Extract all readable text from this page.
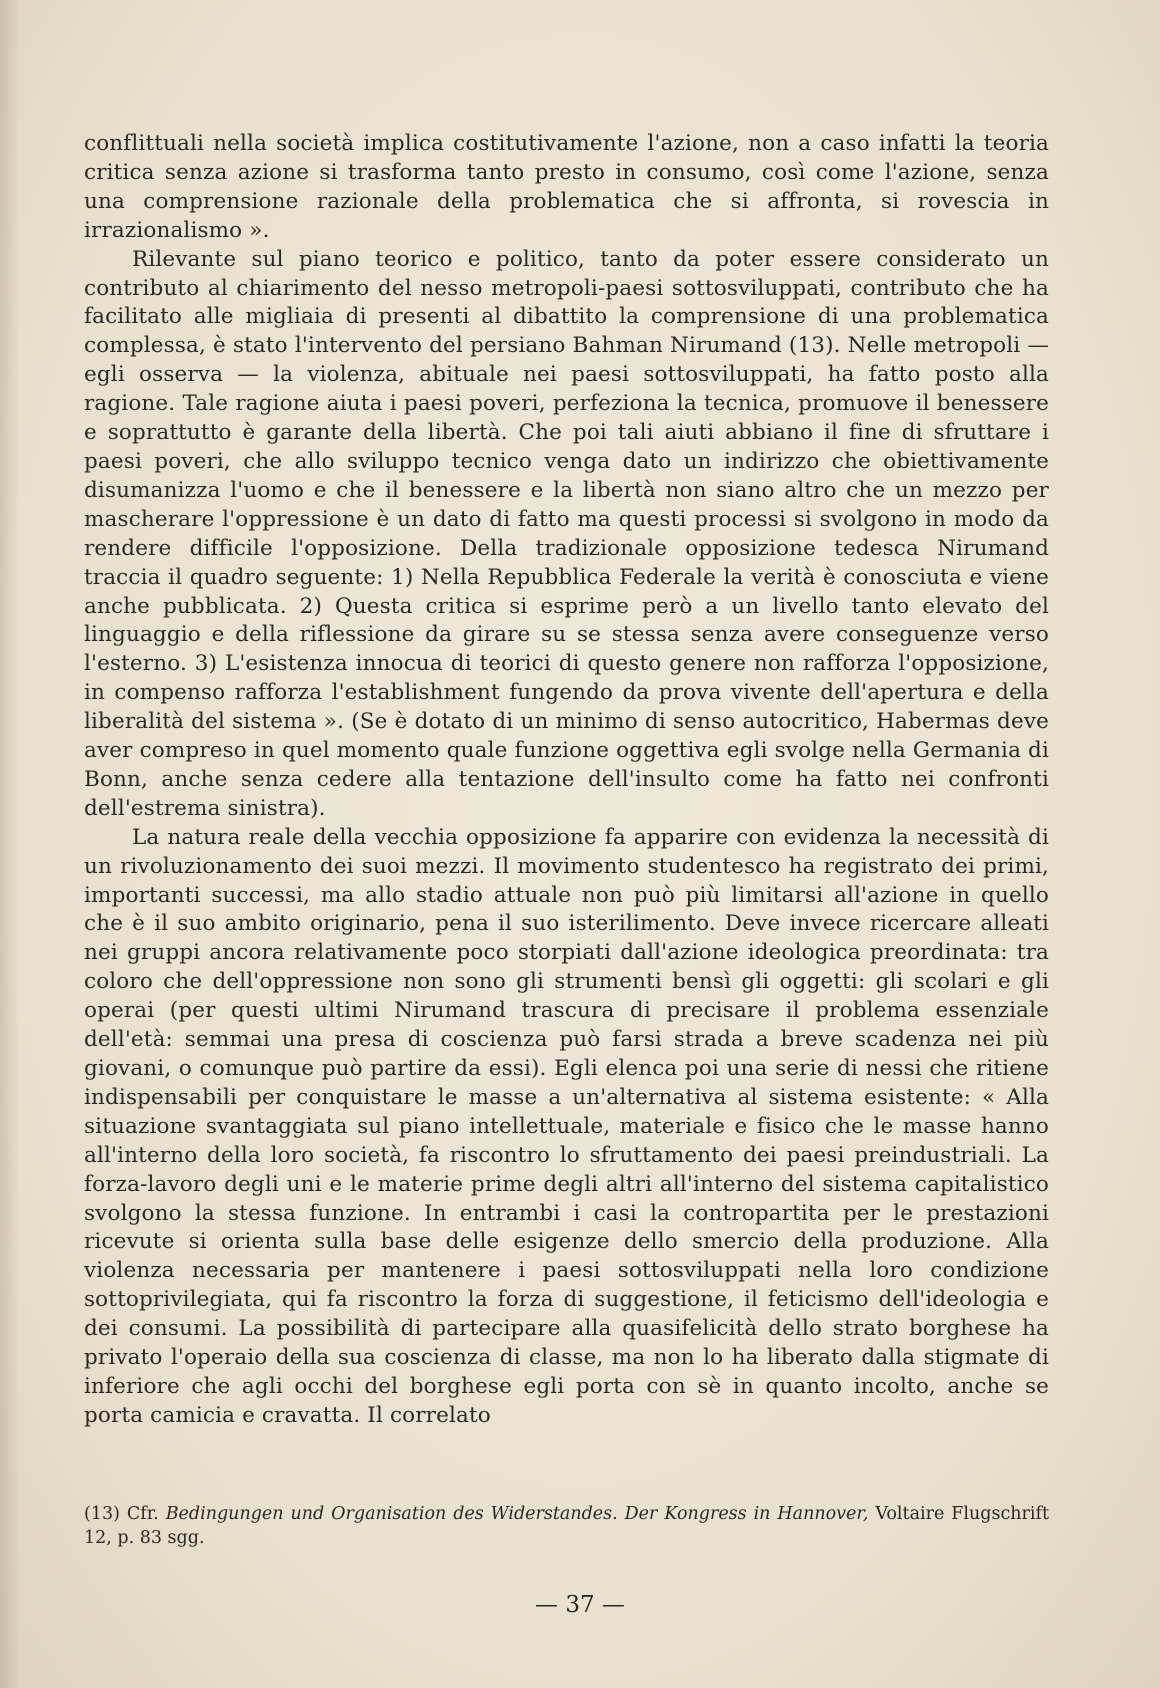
conflittuali nella società implica costitutivamente l'azione, non a caso infatti la teoria critica senza azione si trasforma tanto presto in consumo, così come l'azione, senza una comprensione razionale della problematica che si affronta, si rovescia in irrazionalismo ».

Rilevante sul piano teorico e politico, tanto da poter essere considerato un contributo al chiarimento del nesso metropoli-paesi sottosviluppati, contributo che ha facilitato alle migliaia di presenti al dibattito la comprensione di una problematica complessa, è stato l'intervento del persiano Bahman Nirumand (13). Nelle metropoli — egli osserva — la violenza, abituale nei paesi sottosviluppati, ha fatto posto alla ragione. Tale ragione aiuta i paesi poveri, perfeziona la tecnica, promuove il benessere e soprattutto è garante della libertà. Che poi tali aiuti abbiano il fine di sfruttare i paesi poveri, che allo sviluppo tecnico venga dato un indirizzo che obiettivamente disumanizza l'uomo e che il benessere e la libertà non siano altro che un mezzo per mascherare l'oppressione è un dato di fatto ma questi processi si svolgono in modo da rendere difficile l'opposizione. Della tradizionale opposizione tedesca Nirumand traccia il quadro seguente: 1) Nella Repubblica Federale la verità è conosciuta e viene anche pubblicata. 2) Questa critica si esprime però a un livello tanto elevato del linguaggio e della riflessione da girare su se stessa senza avere conseguenze verso l'esterno. 3) L'esistenza innocua di teorici di questo genere non rafforza l'opposizione, in compenso rafforza l'establishment fungendo da prova vivente dell'apertura e della liberalità del sistema ». (Se è dotato di un minimo di senso autocritico, Habermas deve aver compreso in quel momento quale funzione oggettiva egli svolge nella Germania di Bonn, anche senza cedere alla tentazione dell'insulto come ha fatto nei confronti dell'estrema sinistra).

La natura reale della vecchia opposizione fa apparire con evidenza la necessità di un rivoluzionamento dei suoi mezzi. Il movimento studentesco ha registrato dei primi, importanti successi, ma allo stadio attuale non può più limitarsi all'azione in quello che è il suo ambito originario, pena il suo isterilimento. Deve invece ricercare alleati nei gruppi ancora relativamente poco storpiati dall'azione ideologica preordinata: tra coloro che dell'oppressione non sono gli strumenti bensì gli oggetti: gli scolari e gli operai (per questi ultimi Nirumand trascura di precisare il problema essenziale dell'età: semmai una presa di coscienza può farsi strada a breve scadenza nei più giovani, o comunque può partire da essi). Egli elenca poi una serie di nessi che ritiene indispensabili per conquistare le masse a un'alternativa al sistema esistente: « Alla situazione svantaggiata sul piano intellettuale, materiale e fisico che le masse hanno all'interno della loro società, fa riscontro lo sfruttamento dei paesi preindustriali. La forza-lavoro degli uni e le materie prime degli altri all'interno del sistema capitalistico svolgono la stessa funzione. In entrambi i casi la contropartita per le prestazioni ricevute si orienta sulla base delle esigenze dello smercio della produzione. Alla violenza necessaria per mantenere i paesi sottosviluppati nella loro condizione sottoprivilegiata, qui fa riscontro la forza di suggestione, il feticismo dell'ideologia e dei consumi. La possibilità di partecipare alla quasifelicità dello strato borghese ha privato l'operaio della sua coscienza di classe, ma non lo ha liberato dalla stigmate di inferiore che agli occhi del borghese egli porta con sè in quanto incolto, anche se porta camicia e cravatta. Il correlato

(13) Cfr. Bedingungen und Organisation des Widerstandes. Der Kongress in Hannover, Voltaire Flugschrift 12, p. 83 sgg.

— 37 —
